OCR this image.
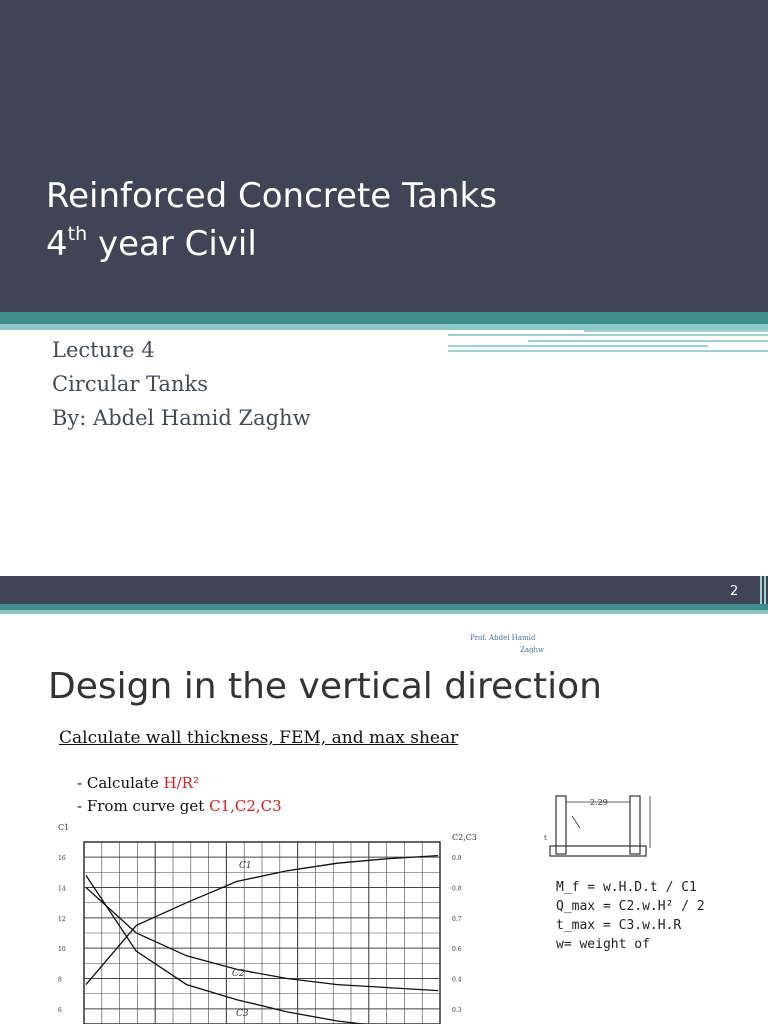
Reinforced Concrete Tanks
4th year Civil
Lecture 4
Circular Tanks
By: Abdel Hamid Zaghw
2
Prof. Abdel Hamid
Zaghw
Design in the vertical direction
Calculate wall thickness, FEM, and max shear
- Calculate H/R²
- From curve get C1,C2,C3
C1
C2,C3
16
14
12
10
8
6
0.9
0.8
0.7
0.6
0.4
0.3
C1
C2
C3
2.29
t
M_f = w.H.D.t / C1
Q_max = C2.w.H² / 2
t_max = C3.w.H.R
w= weight of
